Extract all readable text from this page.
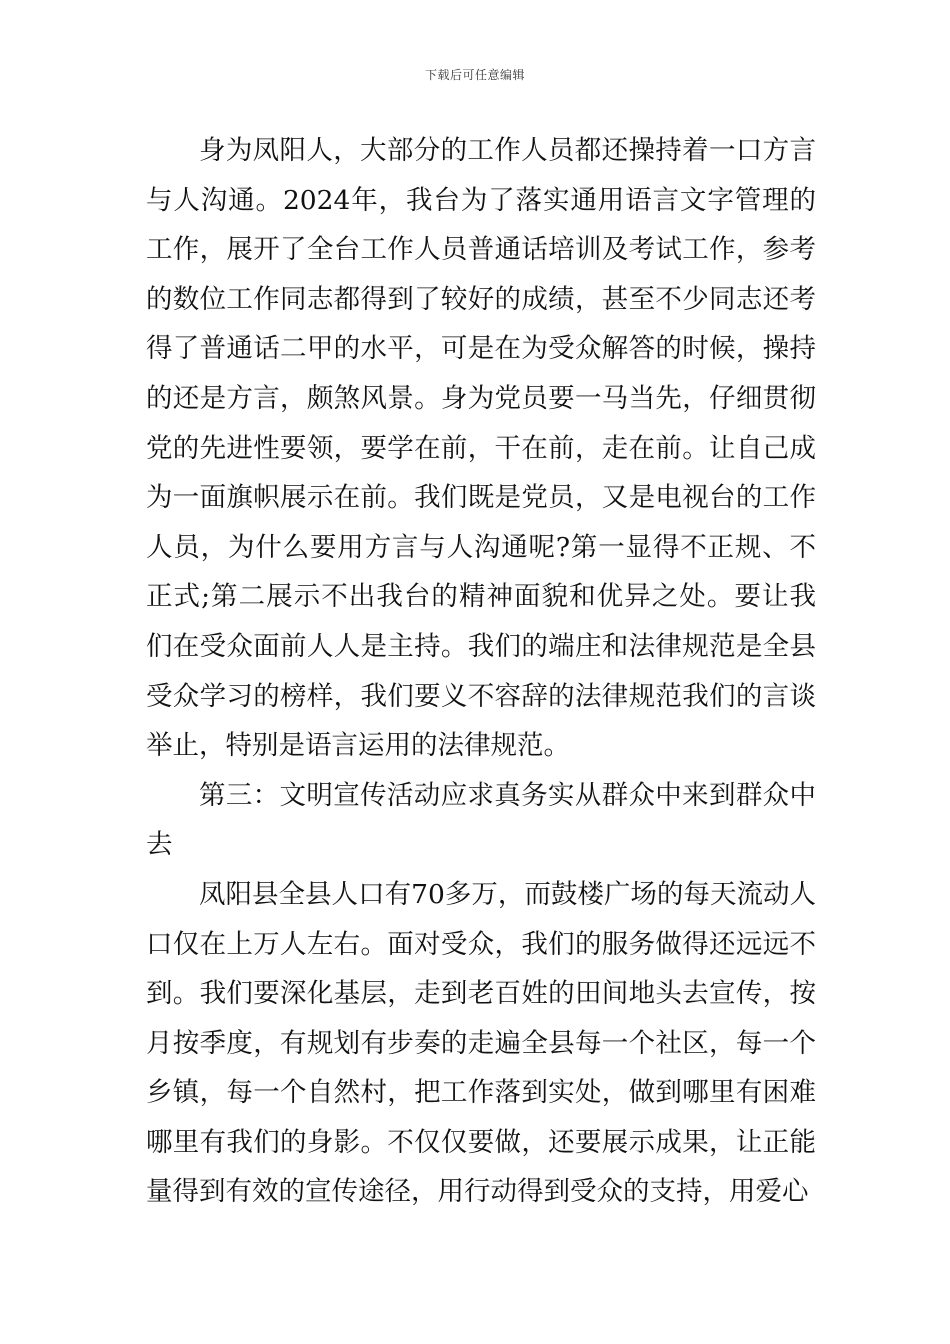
下载后可任意编辑

身为凤阳人，大部分的工作人员都还操持着一口方言与人沟通。2024年，我台为了落实通用语言文字管理的工作，展开了全台工作人员普通话培训及考试工作，参考的数位工作同志都得到了较好的成绩，甚至不少同志还考得了普通话二甲的水平，可是在为受众解答的时候，操持的还是方言，颇煞风景。身为党员要一马当先，仔细贯彻党的先进性要领，要学在前，干在前，走在前。让自己成为一面旗帜展示在前。我们既是党员，又是电视台的工作人员，为什么要用方言与人沟通呢?第一显得不正规、不正式;第二展示不出我台的精神面貌和优异之处。要让我们在受众面前人人是主持。我们的端庄和法律规范是全县受众学习的榜样，我们要义不容辞的法律规范我们的言谈举止，特别是语言运用的法律规范。

第三：文明宣传活动应求真务实从群众中来到群众中去

凤阳县全县人口有70多万，而鼓楼广场的每天流动人口仅在上万人左右。面对受众，我们的服务做得还远远不到。我们要深化基层，走到老百姓的田间地头去宣传，按月按季度，有规划有步奏的走遍全县每一个社区，每一个乡镇，每一个自然村，把工作落到实处，做到哪里有困难哪里有我们的身影。不仅仅要做，还要展示成果，让正能量得到有效的宣传途径，用行动得到受众的支持，用爱心
